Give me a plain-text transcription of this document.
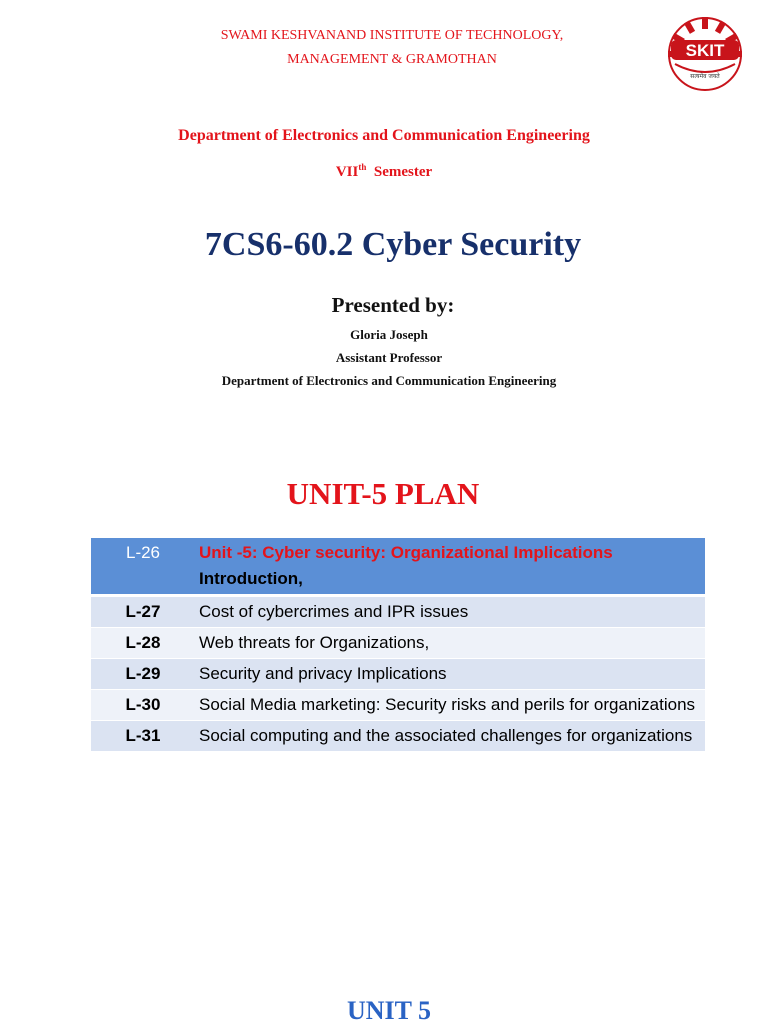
SWAMI KESHVANAND INSTITUTE OF TECHNOLOGY,
MANAGEMENT & GRAMOTHAN	SKIT
सत्यमेव जयते
Department of Electronics and Communication Engineering
VIIth Semester
7CS6-60.2 Cyber Security
Presented by:
Gloria Joseph
Assistant Professor
Department of Electronics and Communication Engineering
UNIT-5 PLAN
L-26	Unit -5: Cyber security: Organizational Implications
Introduction,
L-27	Cost of cybercrimes and IPR issues
L-28	Web threats for Organizations,
L-29	Security and privacy Implications
L-30	Social Media marketing: Security risks and perils for organizations
L-31	Social computing and the associated challenges for organizations
UNIT 5
